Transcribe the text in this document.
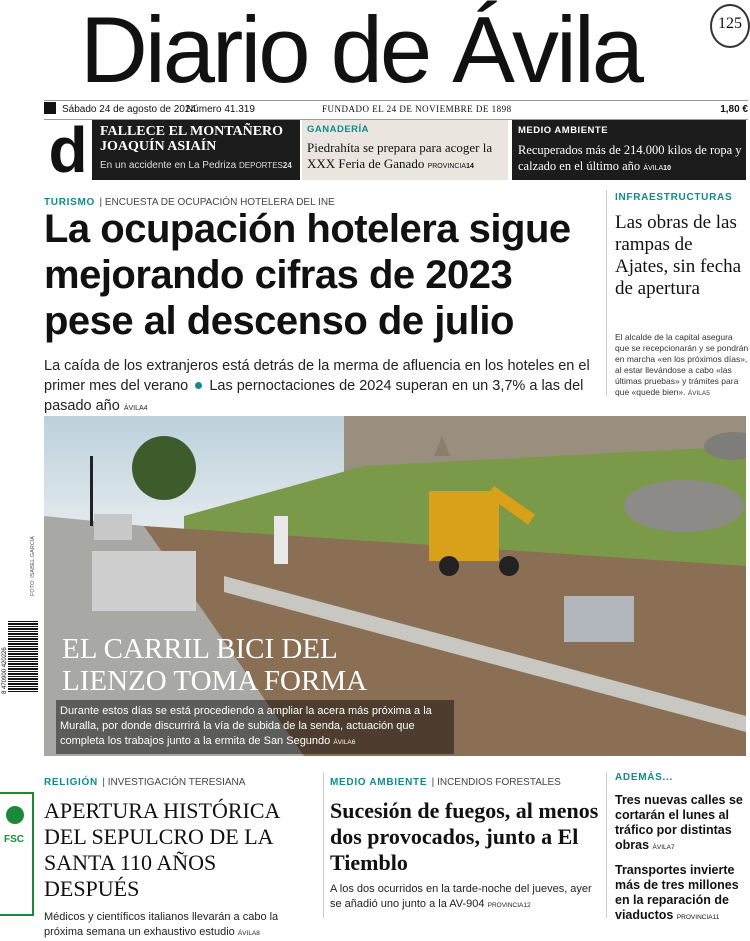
Diario de Ávila	125
Sábado 24 de agosto de 2024
Número 41.319	FUNDADO EL 24 DE NOVIEMBRE DE 1898	1,80 €
d FALLECE EL MONTAÑERO JOAQUÍN ASIAÍN
En un accidente en La Pedriza DEPORTES24
GANADERÍA
Piedrahíta se prepara para acoger la XXX Feria de Ganado PROVINCIA14
MEDIO AMBIENTE
Recuperados más de 214.000 kilos de ropa y calzado en el último año ÁVILA10
TURISMO | ENCUESTA DE OCUPACIÓN HOTELERA DEL INE
La ocupación hotelera sigue mejorando cifras de 2023 pese al descenso de julio
La caída de los extranjeros está detrás de la merma de afluencia en los hoteles en el primer mes del verano Las pernoctaciones de 2024 superan en un 3,7% a las del pasado año ÁVILA4
INFRAESTRUCTURAS
Las obras de las rampas de Ajates, sin fecha de apertura
El alcalde de la capital asegura que se recepcionarán y se pondrán en marcha «en los próximos días», al estar llevándose a cabo «las últimas pruebas» y trámites para que «quede bien». ÁVILA5
FOTO: ISABEL GARCÍA
EL CARRIL BICI DEL LIENZO TOMA FORMA
Durante estos días se está procediendo a ampliar la acera más próxima a la Muralla, por donde discurrirá la vía de subida de la senda, actuación que completa los trabajos junto a la ermita de San Segundo ÁVILA6
8 470900 420226
RELIGIÓN | INVESTIGACIÓN TERESIANA
APERTURA HISTÓRICA DEL SEPULCRO DE LA SANTA 110 AÑOS DESPUÉS
Médicos y científicos italianos llevarán a cabo la próxima semana un exhaustivo estudio ÁVILA8
MEDIO AMBIENTE | INCENDIOS FORESTALES
Sucesión de fuegos, al menos dos provocados, junto a El Tiemblo
A los dos ocurridos en la tarde-noche del jueves, ayer se añadió uno junto a la AV-904 PROVINCIA12
ADEMÁS...
Tres nuevas calles se cortarán el lunes al tráfico por distintas obras ÁVILA7
Transportes invierte más de tres millones en la reparación de viaductos PROVINCIA11
FSC
